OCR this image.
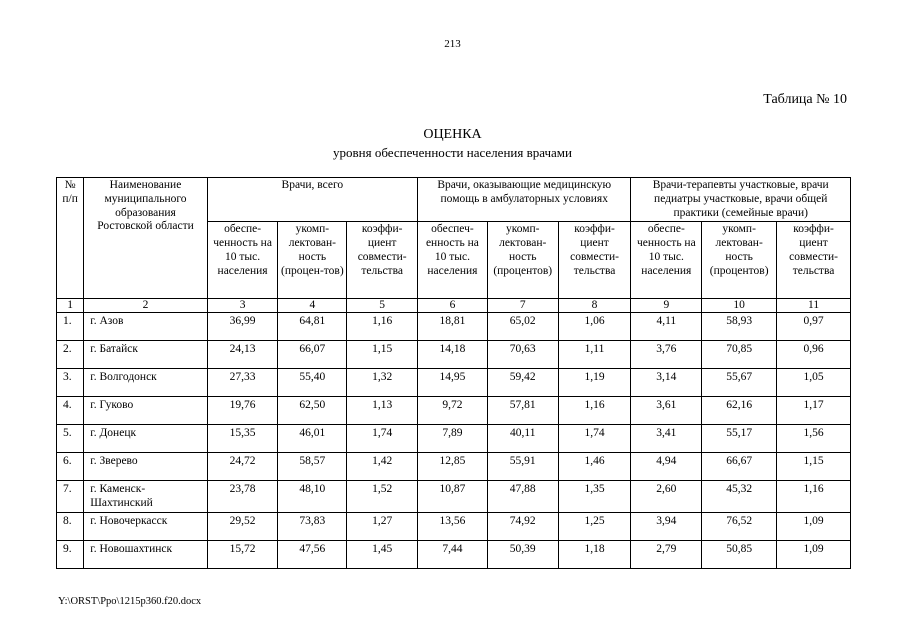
213
Таблица № 10
ОЦЕНКА
уровня обеспеченности населения врачами
№ п/п	Наименование муниципального образования Ростовской области	Врачи, всего			Врачи, оказывающие медицинскую помощь в амбулаторных условиях			Врачи-терапевты участковые, врачи педиатры участковые, врачи общей практики (семейные врачи)		
		обеспе-ченность на 10 тыс. населения	укомп-лектован-ность (процен-тов)	коэффи-циент совмести-тельства	обеспеч-енность на 10 тыс. населения	укомп-лектован-ность (процентов)	коэффи-циент совмести-тельства	обеспе-ченность на 10 тыс. населения	укомп-лектован-ность (процентов)	коэффи-циент совмести-тельства
1	2	3	4	5	6	7	8	9	10	11
1.	г. Азов	36,99	64,81	1,16	18,81	65,02	1,06	4,11	58,93	0,97
2.	г. Батайск	24,13	66,07	1,15	14,18	70,63	1,11	3,76	70,85	0,96
3.	г. Волгодонск	27,33	55,40	1,32	14,95	59,42	1,19	3,14	55,67	1,05
4.	г. Гуково	19,76	62,50	1,13	9,72	57,81	1,16	3,61	62,16	1,17
5.	г. Донецк	15,35	46,01	1,74	7,89	40,11	1,74	3,41	55,17	1,56
6.	г. Зверево	24,72	58,57	1,42	12,85	55,91	1,46	4,94	66,67	1,15
7.	г. Каменск-Шахтинский	23,78	48,10	1,52	10,87	47,88	1,35	2,60	45,32	1,16
8.	г. Новочеркасск	29,52	73,83	1,27	13,56	74,92	1,25	3,94	76,52	1,09
9.	г. Новошахтинск	15,72	47,56	1,45	7,44	50,39	1,18	2,79	50,85	1,09
Y:\ORST\Ppo\1215p360.f20.docx
